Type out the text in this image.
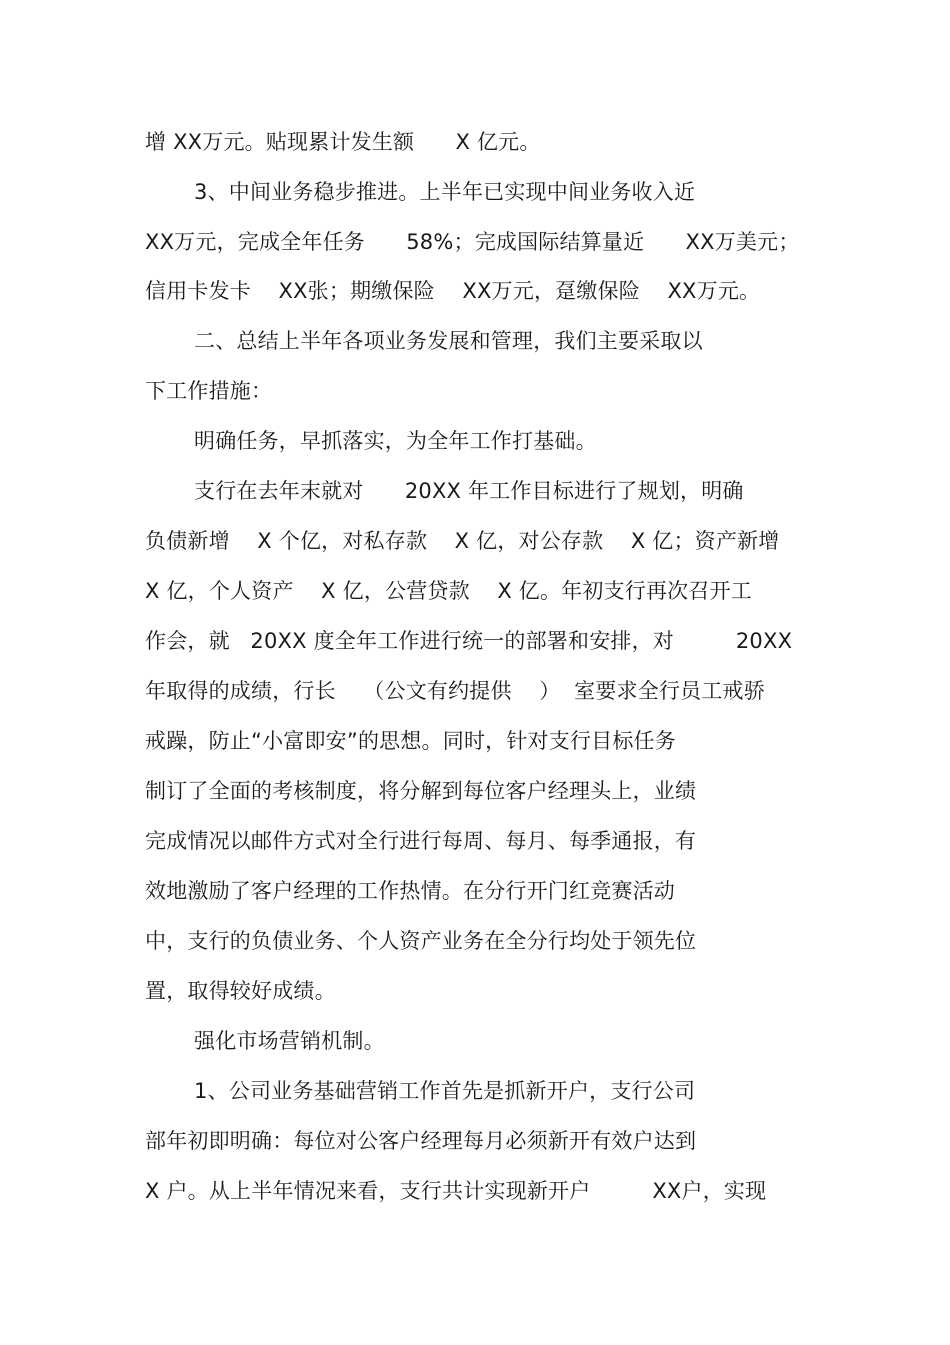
增 XX万元。贴现累计发生额      X 亿元。
3、中间业务稳步推进。上半年已实现中间业务收入近
XX万元，完成全年任务      58%；完成国际结算量近      XX万美元；
信用卡发卡    XX张；期缴保险    XX万元，趸缴保险    XX万元。
二、总结上半年各项业务发展和管理，我们主要采取以
下工作措施：
明确任务，早抓落实，为全年工作打基础。
支行在去年末就对      20XX 年工作目标进行了规划，明确
负债新增    X 个亿，对私存款    X 亿，对公存款    X 亿；资产新增
X 亿，个人资产    X 亿，公营贷款    X 亿。年初支行再次召开工
作会，就   20XX 度全年工作进行统一的部署和安排，对         20XX
年取得的成绩，行长    （公文有约提供    ）  室要求全行员工戒骄
戒躁，防止“小富即安”的思想。同时，针对支行目标任务
制订了全面的考核制度，将分解到每位客户经理头上，业绩
完成情况以邮件方式对全行进行每周、每月、每季通报，有
效地激励了客户经理的工作热情。在分行开门红竞赛活动
中，支行的负债业务、个人资产业务在全分行均处于领先位
置，取得较好成绩。
强化市场营销机制。
1、公司业务基础营销工作首先是抓新开户，支行公司
部年初即明确：每位对公客户经理每月必须新开有效户达到
X 户。从上半年情况来看，支行共计实现新开户         XX户，实现
